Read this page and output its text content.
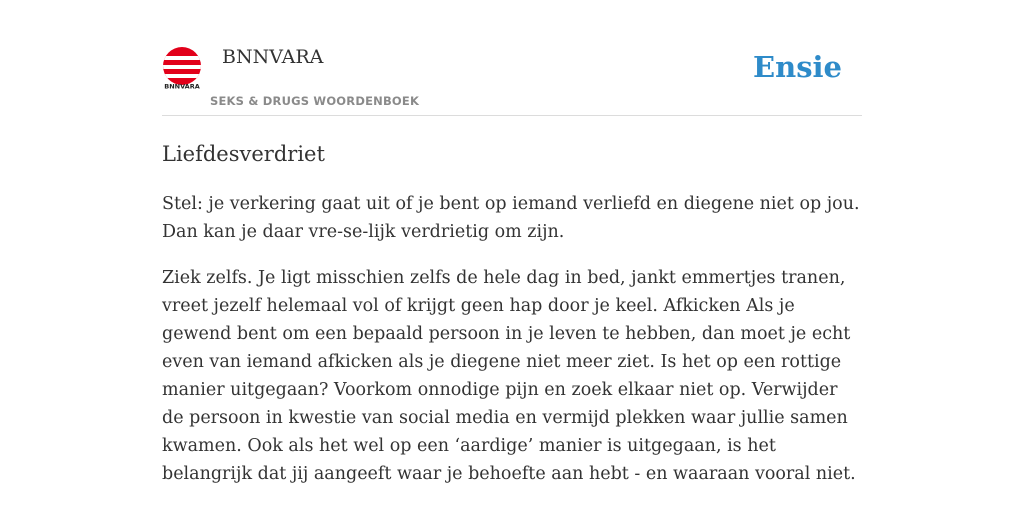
BNNVARA
BNNVARA
SEKS & DRUGS WOORDENBOEK
Ensie
Liefdesverdriet

Stel: je verkering gaat uit of je bent op iemand verliefd en diegene niet op jou. Dan kan je daar vre-se-lijk verdrietig om zijn.

Ziek zelfs. Je ligt misschien zelfs de hele dag in bed, jankt emmertjes tranen, vreet jezelf helemaal vol of krijgt geen hap door je keel. Afkicken Als je gewend bent om een bepaald persoon in je leven te hebben, dan moet je echt even van iemand afkicken als je diegene niet meer ziet. Is het op een rottige manier uitgegaan? Voorkom onnodige pijn en zoek elkaar niet op. Verwijder de persoon in kwestie van social media en vermijd plekken waar jullie samen kwamen. Ook als het wel op een ‘aardige’ manier is uitgegaan, is het belangrijk dat jij aangeeft waar je behoefte aan hebt - en waaraan vooral niet.
